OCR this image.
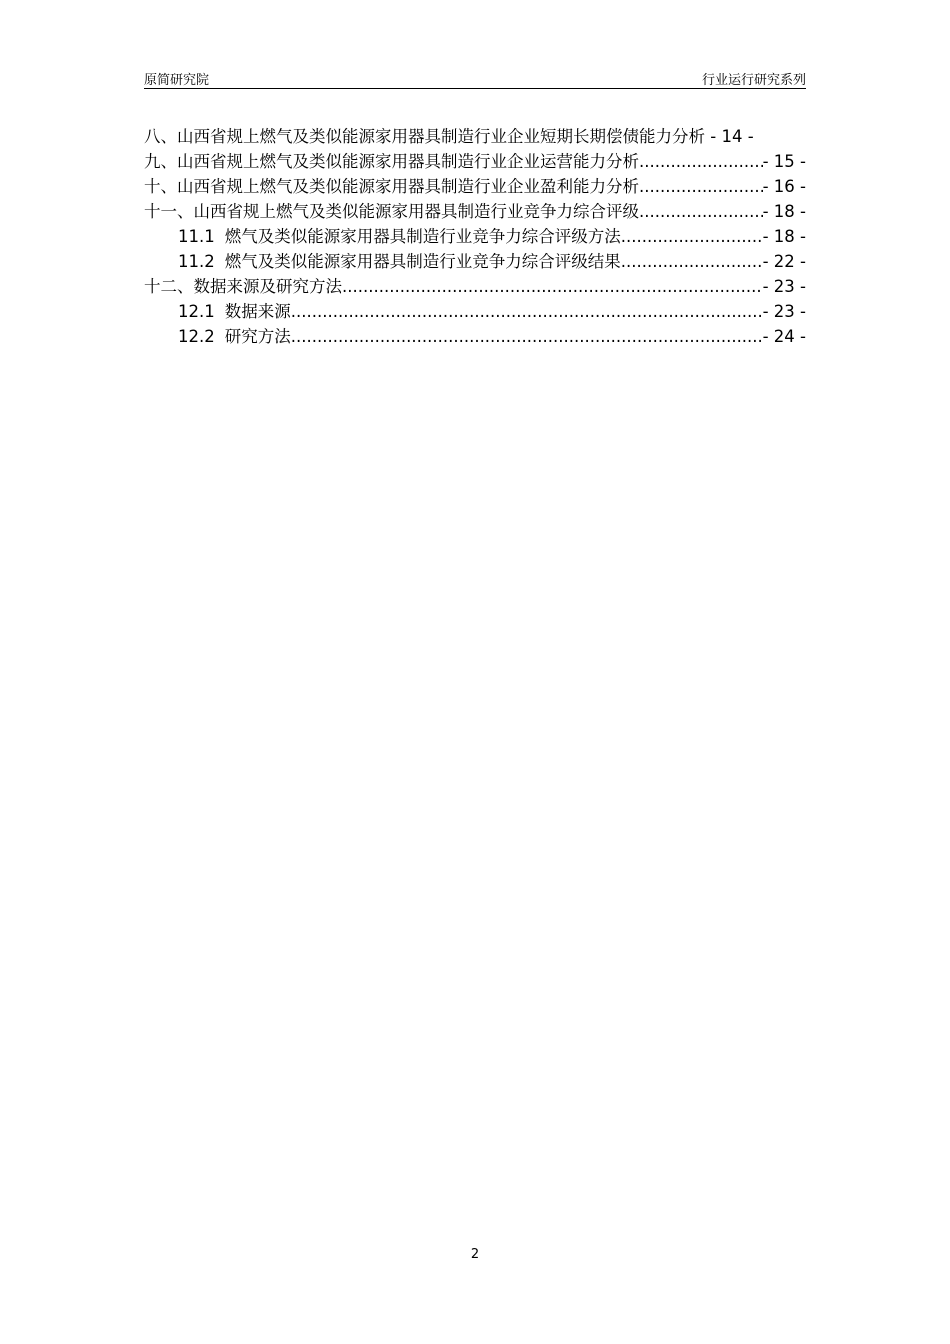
原简研究院	行业运行研究系列
八、山西省规上燃气及类似能源家用器具制造行业企业短期长期偿债能力分析 - 14 -
九、山西省规上燃气及类似能源家用器具制造行业企业运营能力分析 .....	- 15 -
十、山西省规上燃气及类似能源家用器具制造行业企业盈利能力分析 .....	- 16 -
十一、山西省规上燃气及类似能源家用器具制造行业竞争力综合评级 .....	- 18 -
11.1 燃气及类似能源家用器具制造行业竞争力综合评级方法 .....	- 18 -
11.2 燃气及类似能源家用器具制造行业竞争力综合评级结果 .....	- 22 -
十二、数据来源及研究方法 .....	- 23 -
12.1 数据来源 .....	- 23 -
12.2 研究方法 .....	- 24 -
2
